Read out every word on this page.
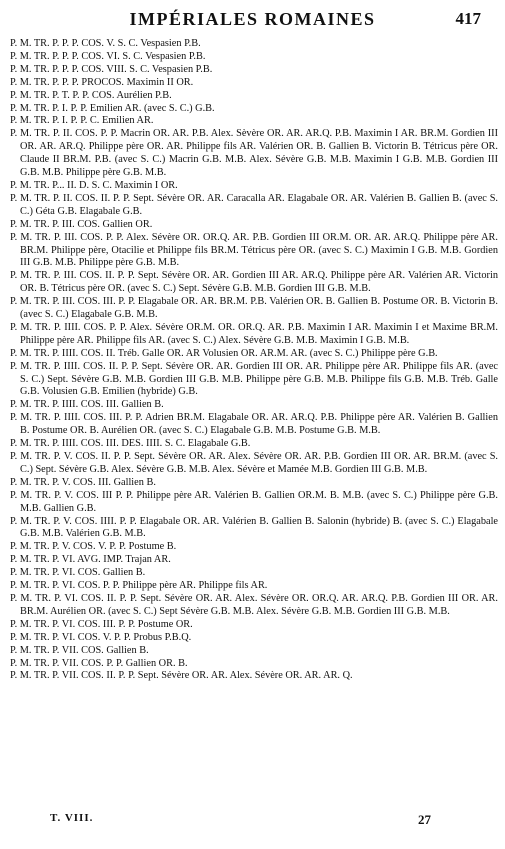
IMPÉRIALES ROMAINES	417

P. M. TR. P. P. P. COS. V. S. C. Vespasien P.B.

P. M. TR. P. P. P. COS. VI. S. C. Vespasien P.B.

P. M. TR. P. P. P. COS. VIII. S. C. Vespasien P.B.

P. M. TR. P. P. P. PROCOS. Maximin II OR.

P. M. TR. P. T. P. P. COS. Aurélien P.B.

P. M. TR. P. I. P. P. Emilien AR. (avec S. C.) G.B.

P. M. TR. P. I. P. P. C. Emilien AR.

P. M. TR. P. II. COS. P. P. Macrin OR. AR. P.B. Alex. Sèvère OR. AR. AR.Q. P.B. Maximin I AR. BR.M. Gordien III OR. AR. AR.Q. Philippe père OR. AR. Philippe fils AR. Valérien OR. B. Gallien B. Victorin B. Tétricus père OR. Claude II BR.M. P.B. (avec S. C.) Macrin G.B. M.B. Alex. Sévère G.B. M.B. Maximin I G.B. M.B. Gordien III G.B. M.B. Philippe père G.B. M.B.

P. M. TR. P... II. D. S. C. Maximin I OR.

P. M. TR. P. II. COS. II. P. P. Sept. Sévère OR. AR. Caracalla AR. Elagabale OR. AR. Valérien B. Gallien B. (avec S. C.) Géta G.B. Elagabale G.B.

P. M. TR. P. III. COS. Gallien OR.

P. M. TR. P. III. COS. P. P. Alex. Sévère OR. OR.Q. AR. P.B. Gordien III OR.M. OR. AR. AR.Q. Philippe père AR. BR.M. Philippe père, Otacilie et Philippe fils BR.M. Tétricus père OR. (avec S. C.) Maximin I G.B. M.B. Gordien III G.B. M.B. Philippe père G.B. M.B.

P. M. TR. P. III. COS. II. P. P. Sept. Sévère OR. AR. Gordien III AR. AR.Q. Philippe père AR. Valérien AR. Victorin OR. B. Tétricus père OR. (avec S. C.) Sept. Sévère G.B. M.B. Gordien III G.B. M.B.

P. M. TR. P. III. COS. III. P. P. Elagabale OR. AR. BR.M. P.B. Valérien OR. B. Gallien B. Postume OR. B. Victorin B. (avec S. C.) Elagabale G.B. M.B.

P. M. TR. P. IIII. COS. P. P. Alex. Sévère OR.M. OR. OR.Q. AR. P.B. Maximin I AR. Maximin I et Maxime BR.M. Philippe père AR. Philippe fils AR. (avec S. C.) Alex. Sévère G.B. M.B. Maximin I G.B. M.B.

P. M. TR. P. IIII. COS. II. Tréb. Galle OR. AR Volusien OR. AR.M. AR. (avec S. C.) Philippe père G.B.

P. M. TR. P. IIII. COS. II. P. P. Sept. Sévère OR. AR. Gordien III OR. AR. Philippe père AR. Philippe fils AR. (avec S. C.) Sept. Sévère G.B. M.B. Gordien III G.B. M.B. Philippe père G.B. M.B. Philippe fils G.B. M.B. Tréb. Galle G.B. Volusien G.B. Emilien (hybride) G.B.

P. M. TR. P. IIII. COS. III. Gallien B.

P. M. TR. P. IIII. COS. III. P. P. Adrien BR.M. Elagabale OR. AR. AR.Q. P.B. Philippe père AR. Valérien B. Gallien B. Postume OR. B. Aurélien OR. (avec S. C.) Elagabale G.B. M.B. Postume G.B. M.B.

P. M. TR. P. IIII. COS. III. DES. IIII. S. C. Elagabale G.B.

P. M. TR. P. V. COS. II. P. P. Sept. Sévère OR. AR. Alex. Sévère OR. AR. P.B. Gordien III OR. AR. BR.M. (avec S. C.) Sept. Sévère G.B. Alex. Sévère G.B. M.B. Alex. Sévère et Mamée M.B. Gordien III G.B. M.B.

P. M. TR. P. V. COS. III. Gallien B.

P. M. TR. P. V. COS. III P. P. Philippe père AR. Valérien B. Gallien OR.M. B. M.B. (avec S. C.) Philippe père G.B. M.B. Gallien G.B.

P. M. TR. P. V. COS. IIII. P. P. Elagabale OR. AR. Valérien B. Gallien B. Salonin (hybride) B. (avec S. C.) Elagabale G.B. M.B. Valérien G.B. M.B.

P. M. TR. P. V. COS. V. P. P. Postume B.

P. M. TR. P. VI. AVG. IMP. Trajan AR.

P. M. TR. P. VI. COS. Gallien B.

P. M. TR. P. VI. COS. P. P. Philippe père AR. Philippe fils AR.

P. M. TR. P. VI. COS. II. P. P. Sept. Sévère OR. AR. Alex. Sévère OR. OR.Q. AR. AR.Q. P.B. Gordien III OR. AR. BR.M. Aurélien OR. (avec S. C.) Sept Sévère G.B. M.B. Alex. Sévère G.B. M.B. Gordien III G.B. M.B.

P. M. TR. P. VI. COS. III. P. P. Postume OR.

P. M. TR. P. VI. COS. V. P. P. Probus P.B.Q.

P. M. TR. P. VII. COS. Gallien B.

P. M. TR. P. VII. COS. P. P. Gallien OR. B.

P. M. TR. P. VII. COS. II. P. P. Sept. Sévère OR. AR. Alex. Sévère OR. AR. AR. Q.

T. VIII.	27
